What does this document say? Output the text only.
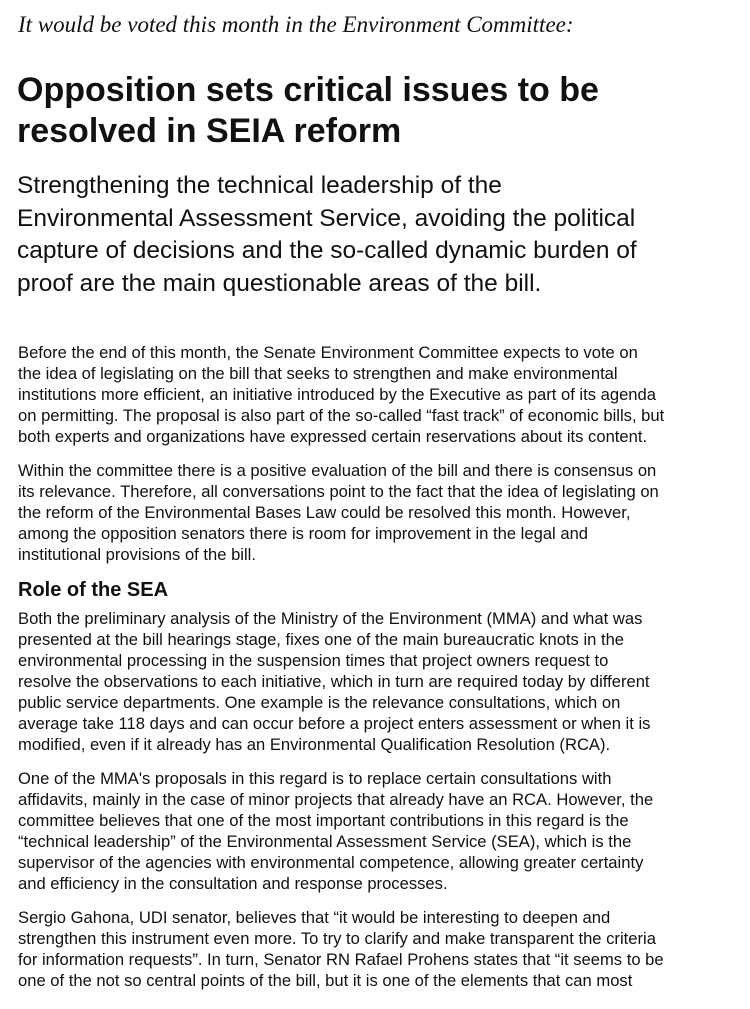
It would be voted this month in the Environment Committee:
Opposition sets critical issues to be
resolved in SEIA reform
Strengthening the technical leadership of the
Environmental Assessment Service, avoiding the political
capture of decisions and the so-called dynamic burden of
proof are the main questionable areas of the bill.

Before the end of this month, the Senate Environment Committee expects to vote on
the idea of legislating on the bill that seeks to strengthen and make environmental
institutions more efficient, an initiative introduced by the Executive as part of its agenda
on permitting. The proposal is also part of the so-called “fast track” of economic bills, but
both experts and organizations have expressed certain reservations about its content.

Within the committee there is a positive evaluation of the bill and there is consensus on
its relevance. Therefore, all conversations point to the fact that the idea of legislating on
the reform of the Environmental Bases Law could be resolved this month. However,
among the opposition senators there is room for improvement in the legal and
institutional provisions of the bill.

Role of the SEA

Both the preliminary analysis of the Ministry of the Environment (MMA) and what was
presented at the bill hearings stage, fixes one of the main bureaucratic knots in the
environmental processing in the suspension times that project owners request to
resolve the observations to each initiative, which in turn are required today by different
public service departments. One example is the relevance consultations, which on
average take 118 days and can occur before a project enters assessment or when it is
modified, even if it already has an Environmental Qualification Resolution (RCA).

One of the MMA's proposals in this regard is to replace certain consultations with
affidavits, mainly in the case of minor projects that already have an RCA. However, the
committee believes that one of the most important contributions in this regard is the
“technical leadership” of the Environmental Assessment Service (SEA), which is the
supervisor of the agencies with environmental competence, allowing greater certainty
and efficiency in the consultation and response processes.

Sergio Gahona, UDI senator, believes that “it would be interesting to deepen and
strengthen this instrument even more. To try to clarify and make transparent the criteria
for information requests”. In turn, Senator RN Rafael Prohens states that “it seems to be
one of the not so central points of the bill, but it is one of the elements that can most
